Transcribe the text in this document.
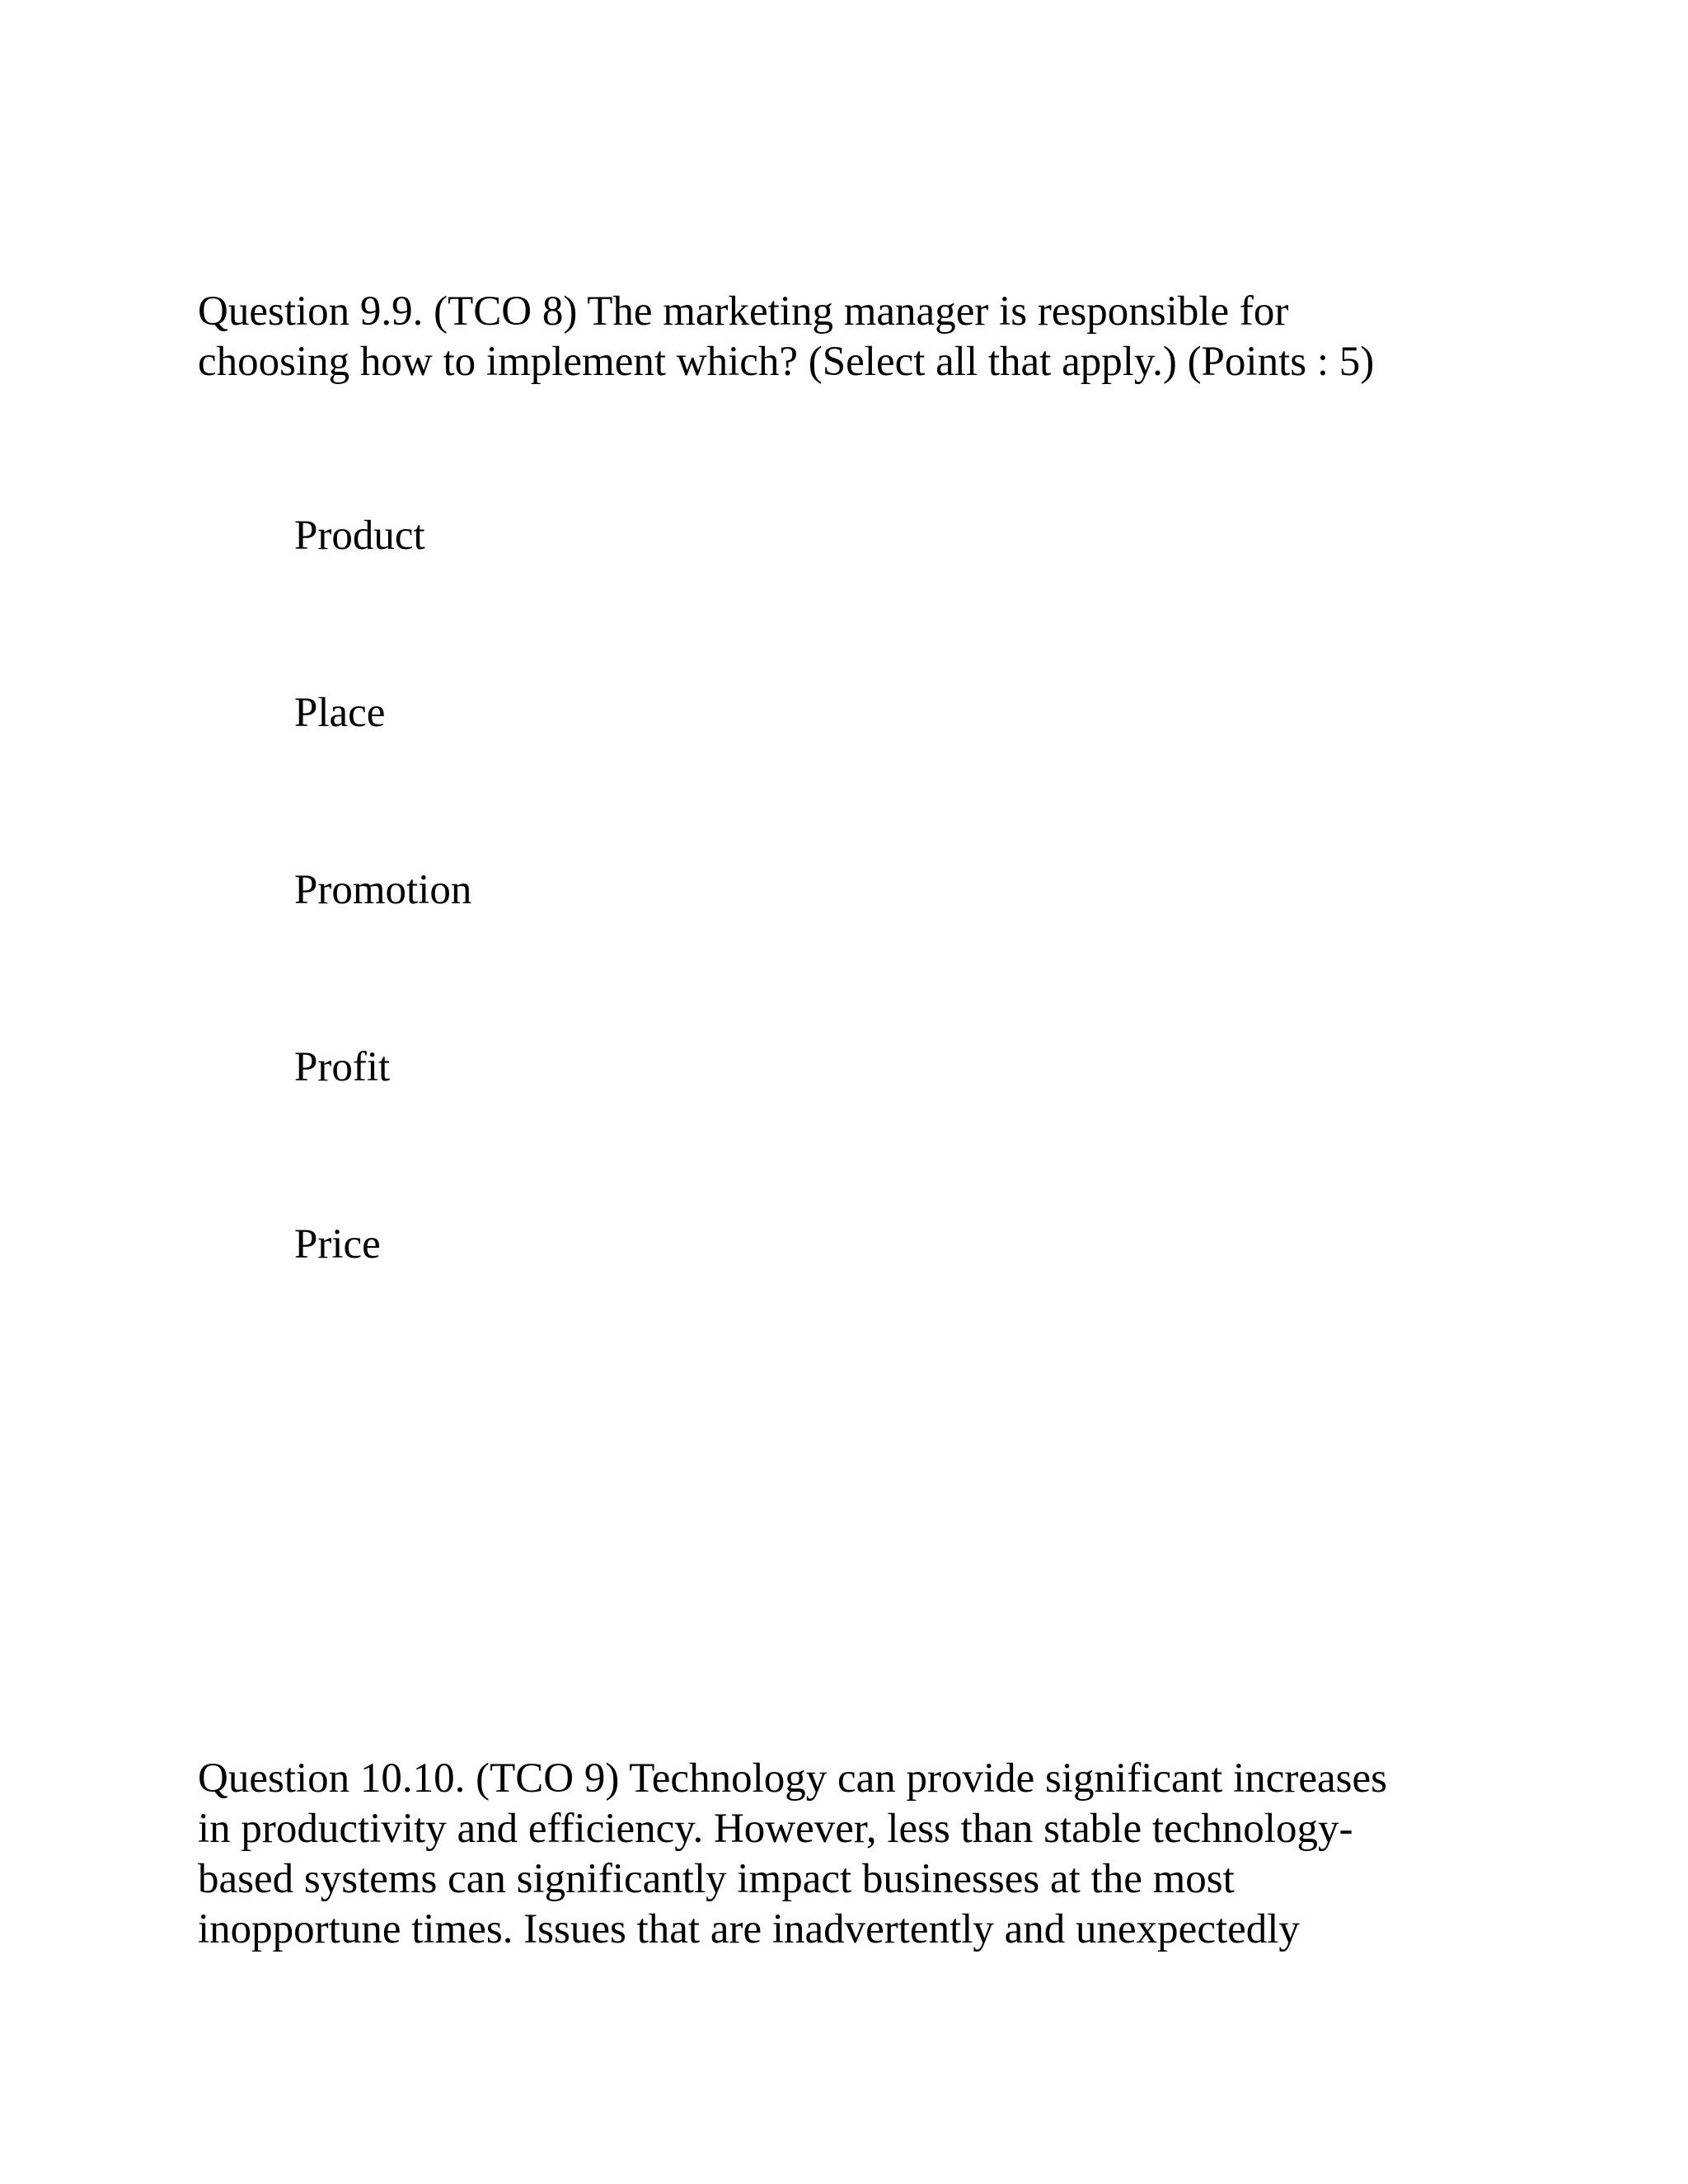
Question 9.9. (TCO 8) The marketing manager is responsible for
choosing how to implement which? (Select all that apply.) (Points : 5)

Product
Place
Promotion
Profit
Price

Question 10.10. (TCO 9) Technology can provide significant increases
in productivity and efficiency. However, less than stable technology-
based systems can significantly impact businesses at the most
inopportune times. Issues that are inadvertently and unexpectedly
